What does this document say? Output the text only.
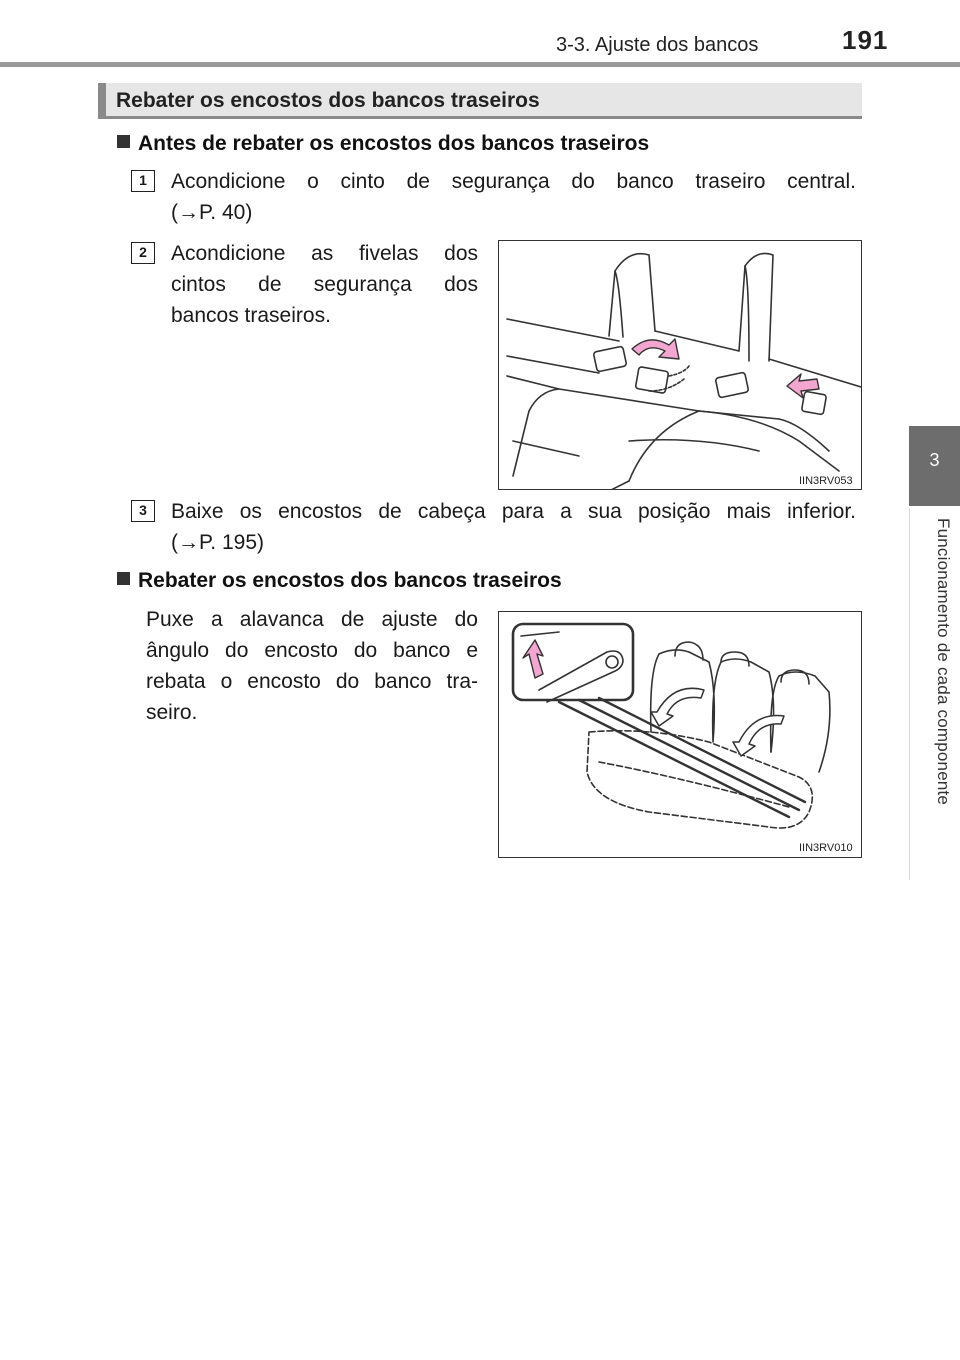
3-3. Ajuste dos bancos	191
3
Funcionamento de cada componente
Rebater os encostos dos bancos traseiros
Antes de rebater os encostos dos bancos traseiros
1	Acondicione o cinto de segurança do banco traseiro central.
(→P. 40)
2	Acondicione as fivelas dos
cintos de segurança dos
bancos traseiros.
IIN3RV053
3	Baixe os encostos de cabeça para a sua posição mais inferior.
(→P. 195)
Rebater os encostos dos bancos traseiros
Puxe a alavanca de ajuste do
ângulo do encosto do banco e
rebata o encosto do banco tra-
seiro.
IIN3RV010
